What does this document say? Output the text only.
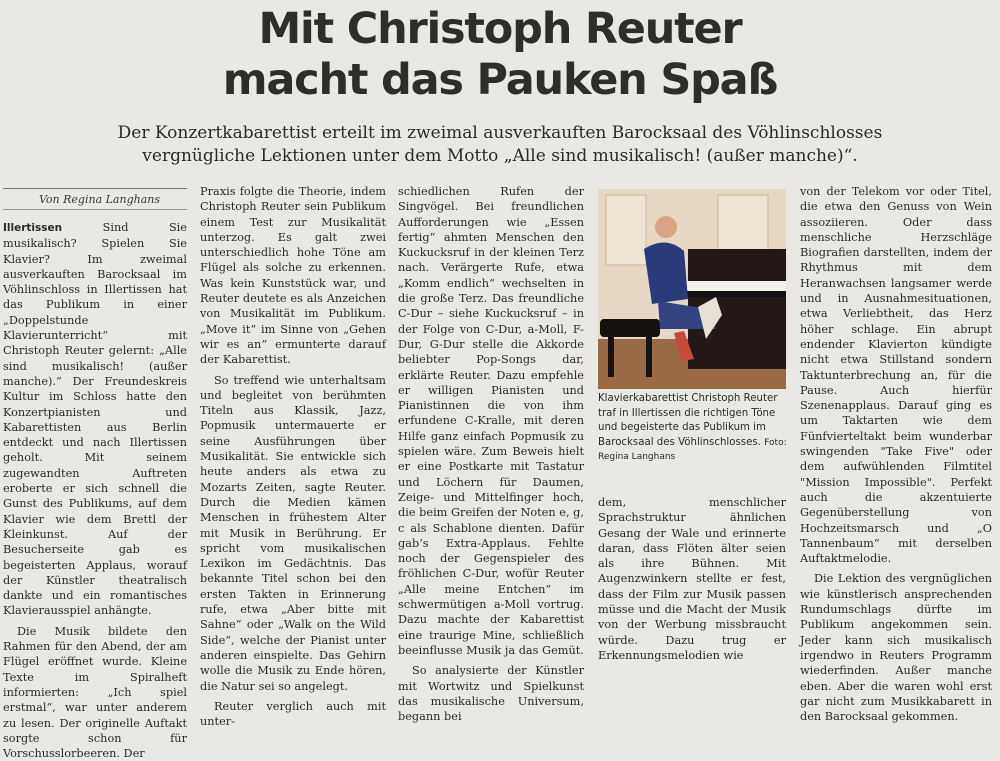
Mit Christoph Reuter
macht das Pauken Spaß
Der Konzertkabarettist erteilt im zweimal ausverkauften Barocksaal des Vöhlinschlosses
vergnügliche Lektionen unter dem Motto „Alle sind musikalisch! (außer manche)“.
Von Regina Langhans

Illertissen Sind Sie musikalisch? Spielen Sie Klavier? Im zweimal ausverkauften Barocksaal im Vöhlinschloss in Illertissen hat das Publikum in einer „Doppelstunde Klavierunterricht“ mit Christoph Reuter gelernt: „Alle sind musikalisch! (außer manche).“ Der Freundeskreis Kultur im Schloss hatte den Konzertpianisten und Kabarettisten aus Berlin entdeckt und nach Illertissen geholt. Mit seinem zugewandten Auftreten eroberte er sich schnell die Gunst des Publikums, auf dem Klavier wie dem Brettl der Kleinkunst. Auf der Besucherseite gab es begeisterten Applaus, worauf der Künstler theatralisch dankte und ein romantisches Klavierausspiel anhängte.

Die Musik bildete den Rahmen für den Abend, der am Flügel eröffnet wurde. Kleine Texte im Spiralheft informierten: „Ich spiel erstmal“, war unter anderem zu lesen. Der originelle Auftakt sorgte schon für Vorschusslorbeeren. Der

Praxis folgte die Theorie, indem Christoph Reuter sein Publikum einem Test zur Musikalität unterzog. Es galt zwei unterschiedlich hohe Töne am Flügel als solche zu erkennen. Was kein Kunststück war, und Reuter deutete es als Anzeichen von Musikalität im Publikum. „Move it“ im Sinne von „Gehen wir es an“ ermunterte darauf der Kabarettist.

So treffend wie unterhaltsam und begleitet von berühmten Titeln aus Klassik, Jazz, Popmusik untermauerte er seine Ausführungen über Musikalität. Sie entwickle sich heute anders als etwa zu Mozarts Zeiten, sagte Reuter. Durch die Medien kämen Menschen in frühestem Alter mit Musik in Berührung. Er spricht vom musikalischen Lexikon im Gedächtnis. Das bekannte Titel schon bei den ersten Takten in Erinnerung rufe, etwa „Aber bitte mit Sahne“ oder „Walk on the Wild Side“, welche der Pianist unter anderen einspielte. Das Gehirn wolle die Musik zu Ende hören, die Natur sei so angelegt.

Reuter verglich auch mit unter-

schiedlichen Rufen der Singvögel. Bei freundlichen Aufforderungen wie „Essen fertig“ ahmten Menschen den Kuckucksruf in der kleinen Terz nach. Verärgerte Rufe, etwa „Komm endlich“ wechselten in die große Terz. Das freundliche C-Dur – siehe Kuckucksruf – in der Folge von C-Dur, a-Moll, F-Dur, G-Dur stelle die Akkorde beliebter Pop-Songs dar, erklärte Reuter. Dazu empfehle er willigen Pianisten und Pianistinnen die von ihm erfundene C-Kralle, mit deren Hilfe ganz einfach Popmusik zu spielen wäre. Zum Beweis hielt er eine Postkarte mit Tastatur und Löchern für Daumen, Zeige- und Mittelfinger hoch, die beim Greifen der Noten e, g, c als Schablone dienten. Dafür gab’s Extra-Applaus. Fehlte noch der Gegenspieler des fröhlichen C-Dur, wofür Reuter „Alle meine Entchen“ im schwermütigen a-Moll vortrug. Dazu machte der Kabarettist eine traurige Mine, schließlich beeinflusse Musik ja das Gemüt.

So analysierte der Künstler mit Wortwitz und Spielkunst das musikalische Universum, begann bei

Klavierkabarettist Christoph Reuter traf in Illertissen die richtigen Töne und begeisterte das Publikum im Barocksaal des Vöhlinschlosses. Foto: Regina Langhans

dem, menschlicher Sprachstruktur ähnlichen Gesang der Wale und erinnerte daran, dass Flöten älter seien als ihre Bühnen. Mit Augenzwinkern stellte er fest, dass der Film zur Musik passen müsse und die Macht der Musik von der Werbung missbraucht würde. Dazu trug er Erkennungsmelodien wie

von der Telekom vor oder Titel, die etwa den Genuss von Wein assoziieren. Oder dass menschliche Herzschläge Biografien darstellten, indem der Rhythmus mit dem Heranwachsen langsamer werde und in Ausnahmesituationen, etwa Verliebtheit, das Herz höher schlage. Ein abrupt endender Klavierton kündigte nicht etwa Stillstand sondern Taktunterbrechung an, für die Pause. Auch hierfür Szenenapplaus. Darauf ging es um Taktarten wie dem Fünfvierteltakt beim wunderbar swingenden "Take Five" oder dem aufwühlenden Filmtitel "Mission Impossible". Perfekt auch die akzentuierte Gegenüberstellung von Hochzeitsmarsch und „O Tannenbaum“ mit derselben Auftaktmelodie.

Die Lektion des vergnüglichen wie künstlerisch ansprechenden Rundumschlags dürfte im Publikum angekommen sein. Jeder kann sich musikalisch irgendwo in Reuters Programm wiederfinden. Außer manche eben. Aber die waren wohl erst gar nicht zum Musikkabarett in den Barocksaal gekommen.
